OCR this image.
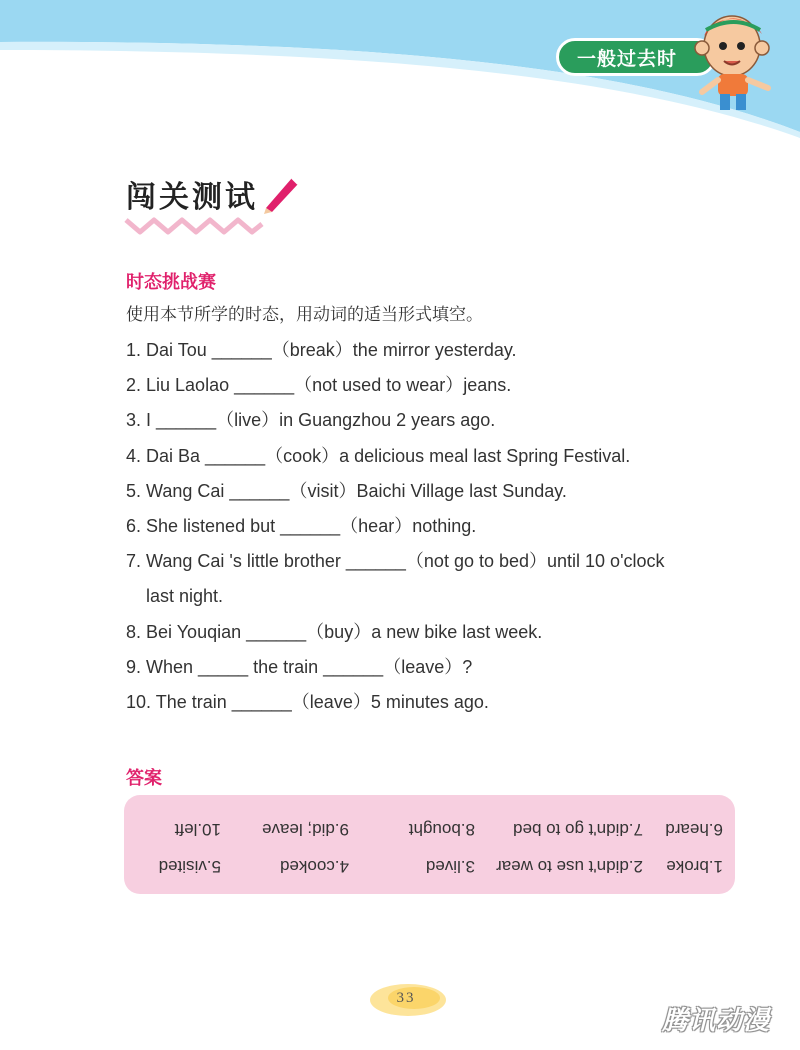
一般过去时
闯关测试
时态挑战赛
使用本节所学的时态，用动词的适当形式填空。
1. Dai Tou ______（break）the mirror yesterday.
2. Liu Laolao ______（not used to wear）jeans.
3. I ______（live）in Guangzhou 2 years ago.
4. Dai Ba ______（cook）a delicious meal last Spring Festival.
5. Wang Cai ______（visit）Baichi Village last Sunday.
6. She listened but ______（hear）nothing.
7. Wang Cai 's little brother ______（not go to bed）until 10 o'clock
last night.
8. Bei Youqian ______（buy）a new bike last week.
9. When _____ the train ______（leave）?
10. The train ______（leave）5 minutes ago.
答案
1.broke
2.didn't use to wear
3.lived
4.cooked
5.visited
6.heard
7.didn't go to bed
8.bought
9.did; leave
10.left
33
腾讯动漫
